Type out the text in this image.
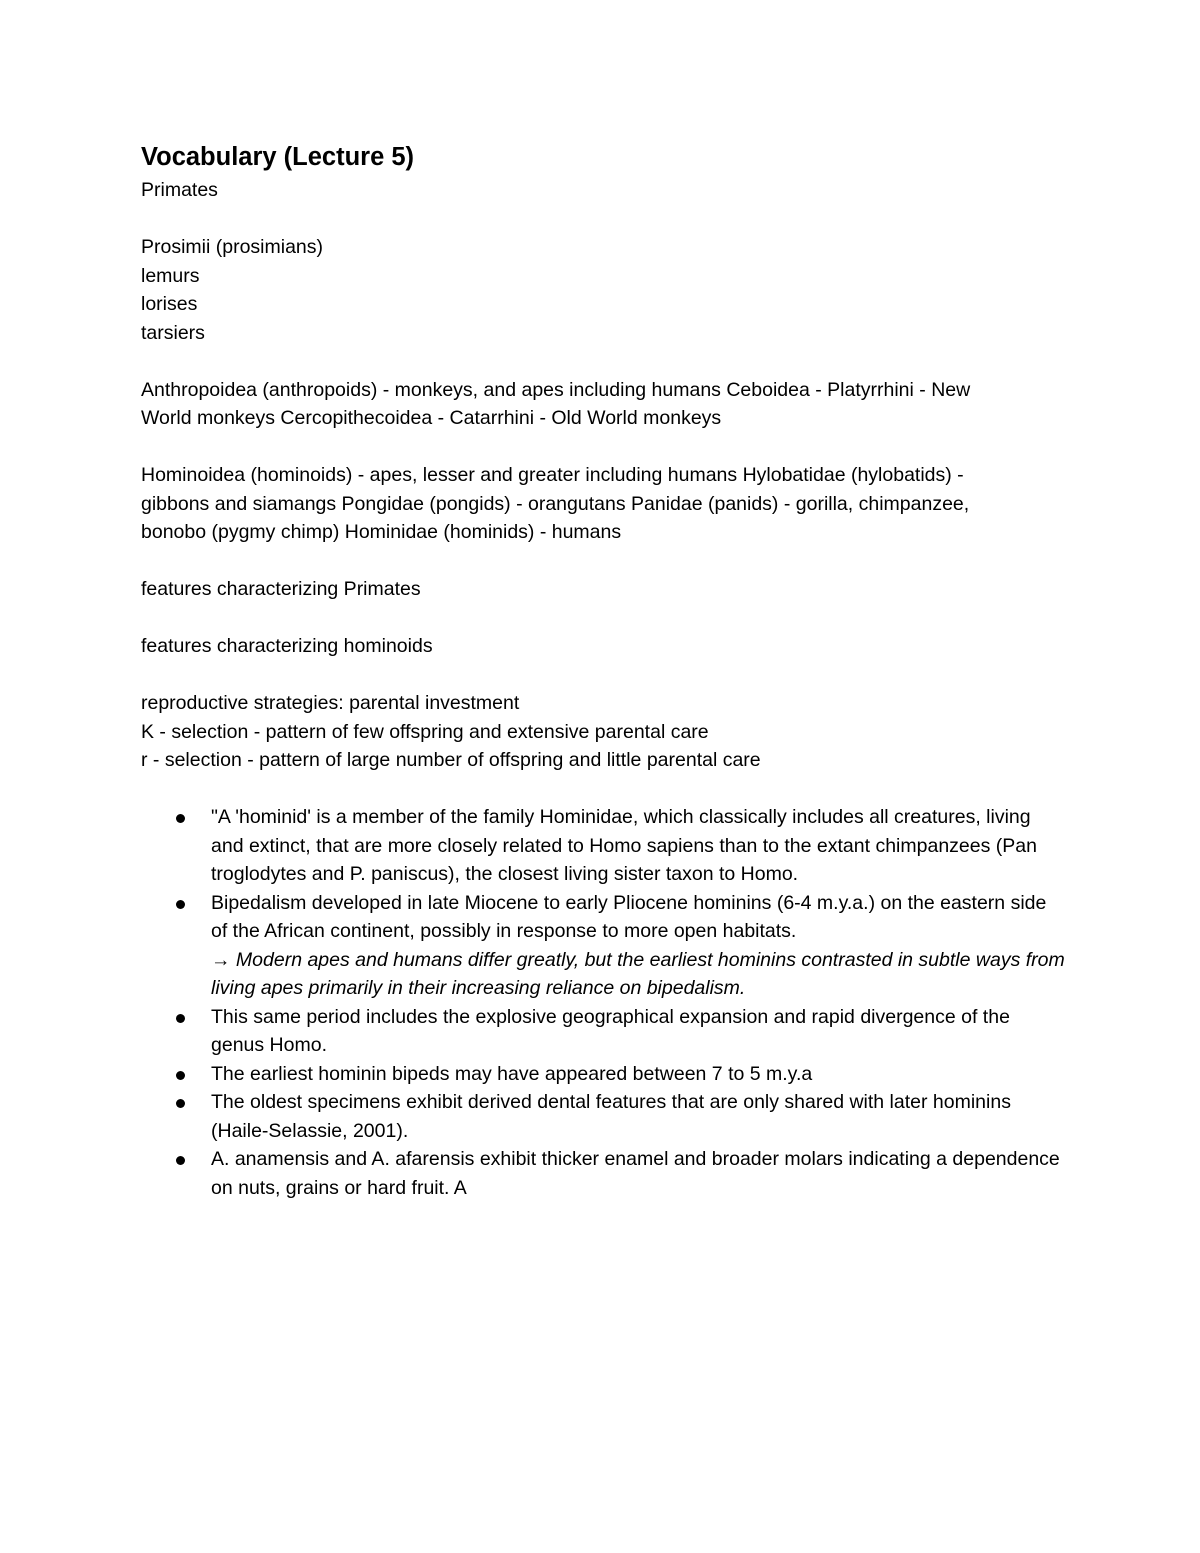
Vocabulary (Lecture 5)

Primates

Prosimii (prosimians)

lemurs

lorises

tarsiers

Anthropoidea (anthropoids) - monkeys, and apes including humans Ceboidea - Platyrrhini - New

World monkeys Cercopithecoidea - Catarrhini - Old World monkeys

Hominoidea (hominoids) - apes, lesser and greater including humans Hylobatidae (hylobatids) -

gibbons and siamangs Pongidae (pongids) - orangutans Panidae (panids) - gorilla, chimpanzee,

bonobo (pygmy chimp) Hominidae (hominids) - humans

features characterizing Primates

features characterizing hominoids

reproductive strategies: parental investment

K - selection - pattern of few offspring and extensive parental care

r - selection - pattern of large number of offspring and little parental care

"A 'hominid' is a member of the family Hominidae, which classically includes all creatures, living and extinct, that are more closely related to Homo sapiens than to the extant chimpanzees (Pan troglodytes and P. paniscus), the closest living sister taxon to Homo.
Bipedalism developed in late Miocene to early Pliocene hominins (6-4 m.y.a.) on the eastern side of the African continent, possibly in response to more open habitats.
→ Modern apes and humans differ greatly, but the earliest hominins contrasted in subtle ways from living apes primarily in their increasing reliance on bipedalism.
This same period includes the explosive geographical expansion and rapid divergence of the genus Homo.
The earliest hominin bipeds may have appeared between 7 to 5 m.y.a
The oldest specimens exhibit derived dental features that are only shared with later hominins (Haile-Selassie, 2001).
A. anamensis and A. afarensis exhibit thicker enamel and broader molars indicating a dependence on nuts, grains or hard fruit. A
